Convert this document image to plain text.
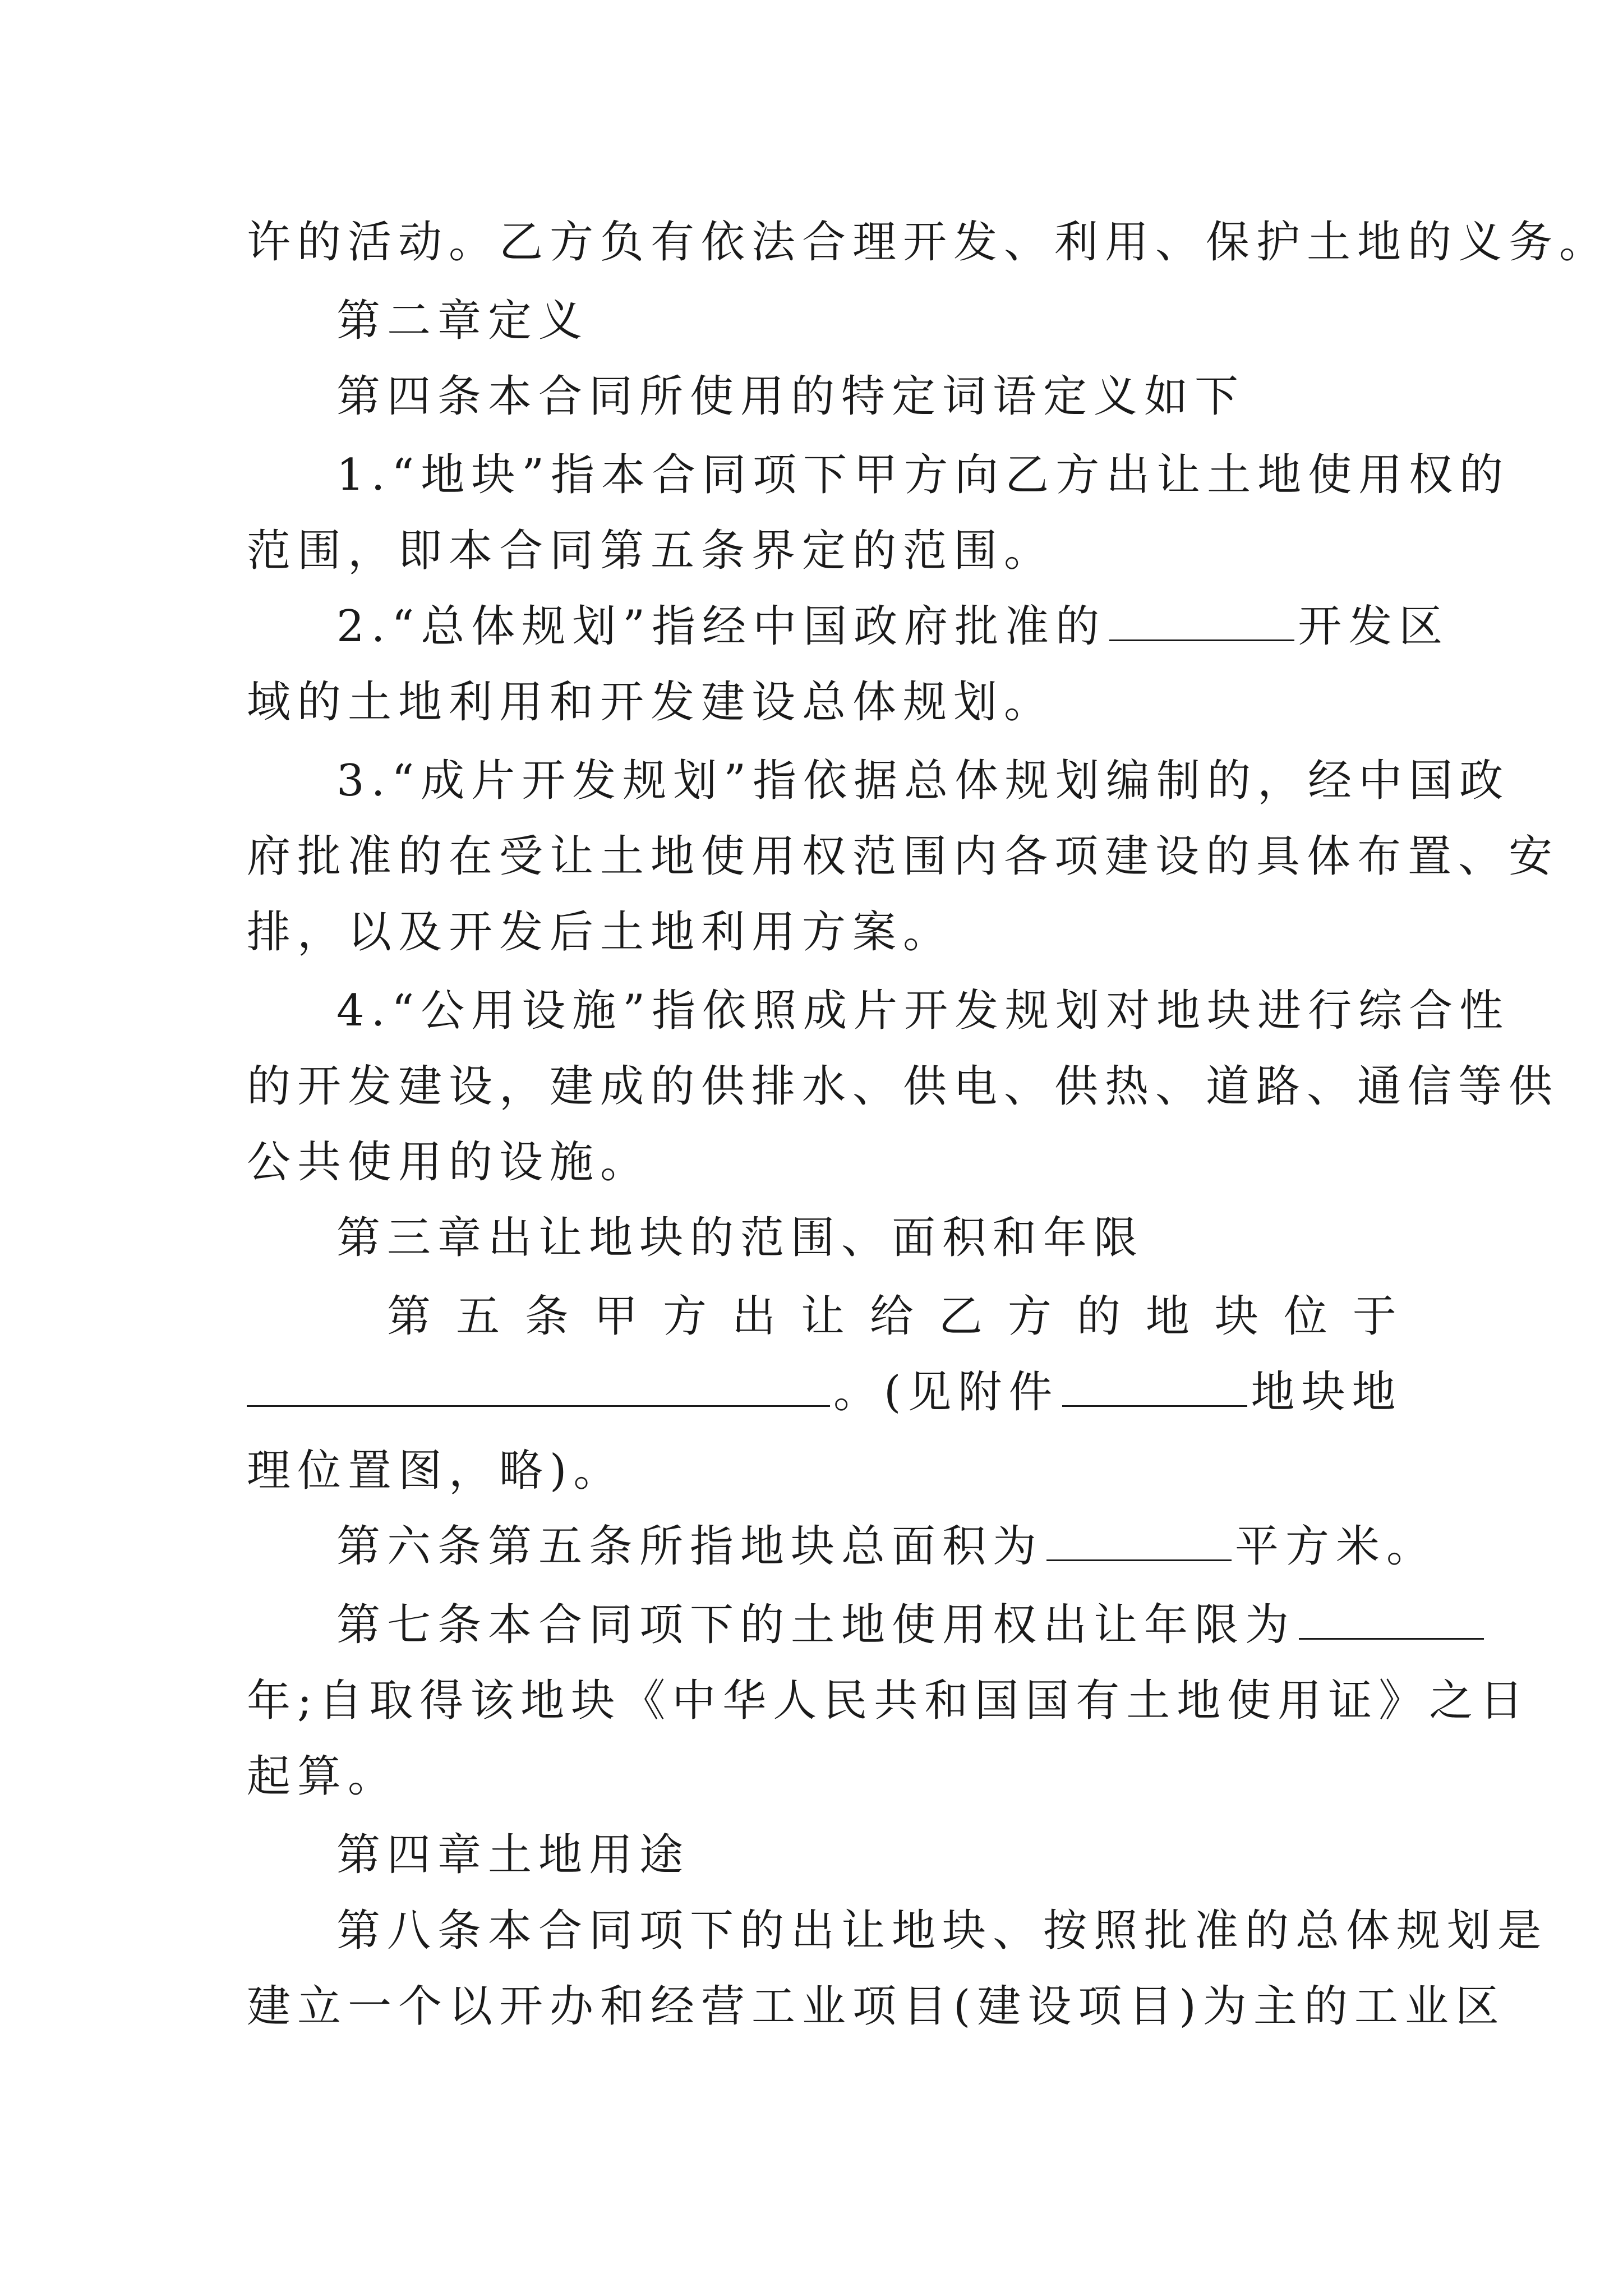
许的活动。乙方负有依法合理开发、利用、保护土地的义务。
第二章定义
第四条本合同所使用的特定词语定义如下
1.“地块”指本合同项下甲方向乙方出让土地使用权的
范围，即本合同第五条界定的范围。
2.“总体规划”指经中国政府批准的	开发区
域的土地利用和开发建设总体规划。
3.“成片开发规划”指依据总体规划编制的，经中国政
府批准的在受让土地使用权范围内各项建设的具体布置、安
排，以及开发后土地利用方案。
4.“公用设施”指依照成片开发规划对地块进行综合性
的开发建设，建成的供排水、供电、供热、道路、通信等供
公共使用的设施。
第三章出让地块的范围、面积和年限
第 五 条 甲 方 出 让 给 乙 方 的 地 块 位 于
。(见附件	地块地
理位置图，略)。
第六条第五条所指地块总面积为	平方米。
第七条本合同项下的土地使用权出让年限为
年;自取得该地块《中华人民共和国国有土地使用证》之日
起算。
第四章土地用途
第八条本合同项下的出让地块、按照批准的总体规划是
建立一个以开办和经营工业项目(建设项目)为主的工业区
